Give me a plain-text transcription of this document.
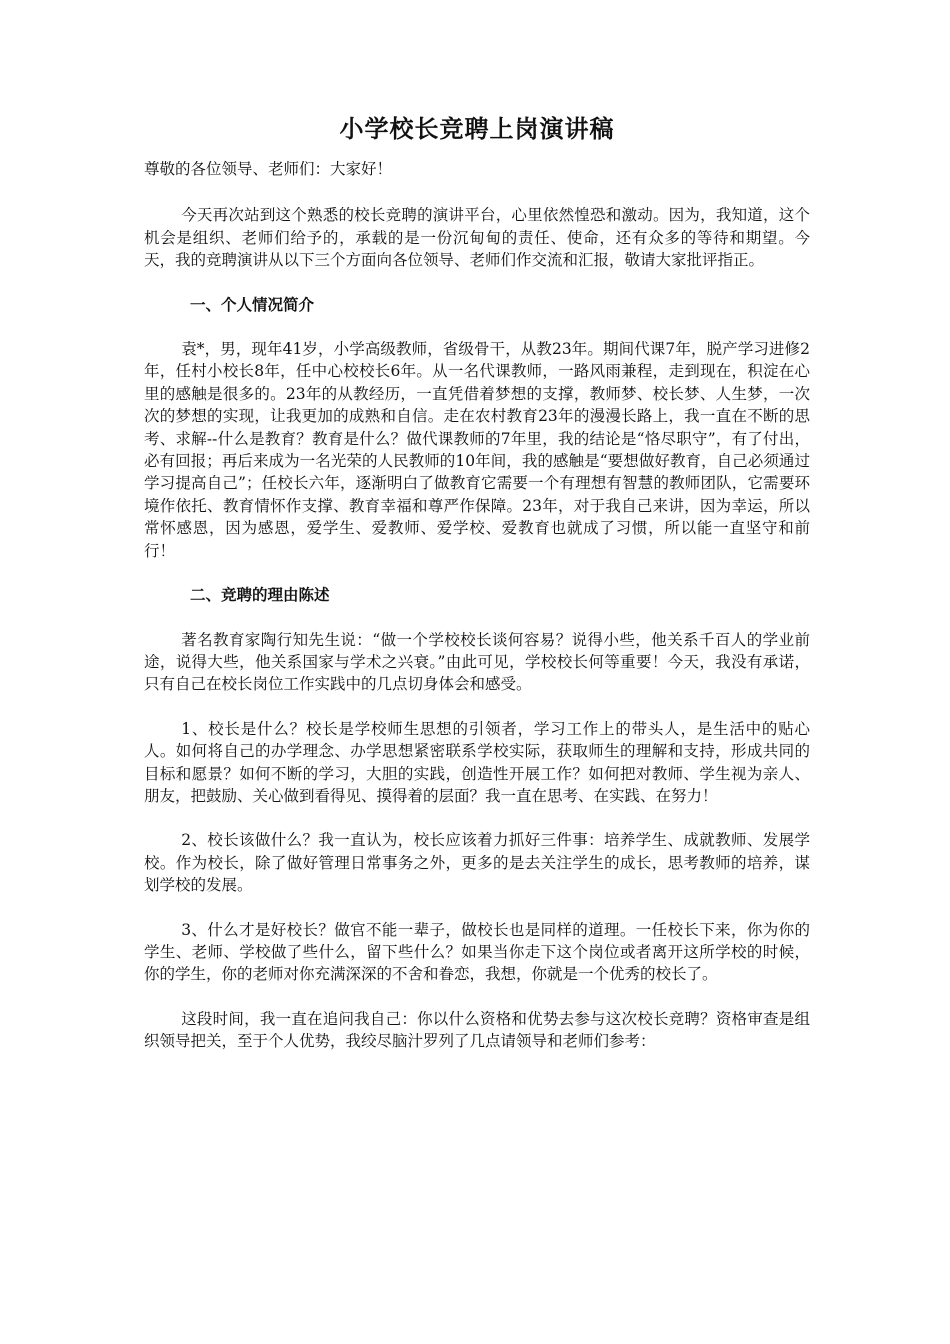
小学校长竞聘上岗演讲稿
尊敬的各位领导、老师们：大家好！
今天再次站到这个熟悉的校长竞聘的演讲平台，心里依然惶恐和激动。因为，我知道，这个机会是组织、老师们给予的，承载的是一份沉甸甸的责任、使命，还有众多的等待和期望。今天，我的竞聘演讲从以下三个方面向各位领导、老师们作交流和汇报，敬请大家批评指正。
一、个人情况简介
袁*，男，现年41岁，小学高级教师，省级骨干，从教23年。期间代课7年，脱产学习进修2年，任村小校长8年，任中心校校长6年。从一名代课教师，一路风雨兼程，走到现在，积淀在心里的感触是很多的。23年的从教经历，一直凭借着梦想的支撑，教师梦、校长梦、人生梦，一次次的梦想的实现，让我更加的成熟和自信。走在农村教育23年的漫漫长路上，我一直在不断的思考、求解--什么是教育？教育是什么？做代课教师的7年里，我的结论是“恪尽职守”，有了付出，必有回报；再后来成为一名光荣的人民教师的10年间，我的感触是“要想做好教育，自己必须通过学习提高自己”；任校长六年，逐渐明白了做教育它需要一个有理想有智慧的教师团队，它需要环境作依托、教育情怀作支撑、教育幸福和尊严作保障。23年，对于我自己来讲，因为幸运，所以常怀感恩，因为感恩，爱学生、爱教师、爱学校、爱教育也就成了习惯，所以能一直坚守和前行！
二、竞聘的理由陈述
著名教育家陶行知先生说：“做一个学校校长谈何容易？说得小些，他关系千百人的学业前途，说得大些，他关系国家与学术之兴衰。”由此可见，学校校长何等重要！今天，我没有承诺，只有自己在校长岗位工作实践中的几点切身体会和感受。
1、校长是什么？校长是学校师生思想的引领者，学习工作上的带头人，是生活中的贴心人。如何将自己的办学理念、办学思想紧密联系学校实际，获取师生的理解和支持，形成共同的目标和愿景？如何不断的学习，大胆的实践，创造性开展工作？如何把对教师、学生视为亲人、朋友，把鼓励、关心做到看得见、摸得着的层面？我一直在思考、在实践、在努力！
2、校长该做什么？我一直认为，校长应该着力抓好三件事：培养学生、成就教师、发展学校。作为校长，除了做好管理日常事务之外，更多的是去关注学生的成长，思考教师的培养，谋划学校的发展。
3、什么才是好校长？做官不能一辈子，做校长也是同样的道理。一任校长下来，你为你的学生、老师、学校做了些什么，留下些什么？如果当你走下这个岗位或者离开这所学校的时候，你的学生，你的老师对你充满深深的不舍和眷恋，我想，你就是一个优秀的校长了。
这段时间，我一直在追问我自己：你以什么资格和优势去参与这次校长竞聘？资格审查是组织领导把关，至于个人优势，我绞尽脑汁罗列了几点请领导和老师们参考：
